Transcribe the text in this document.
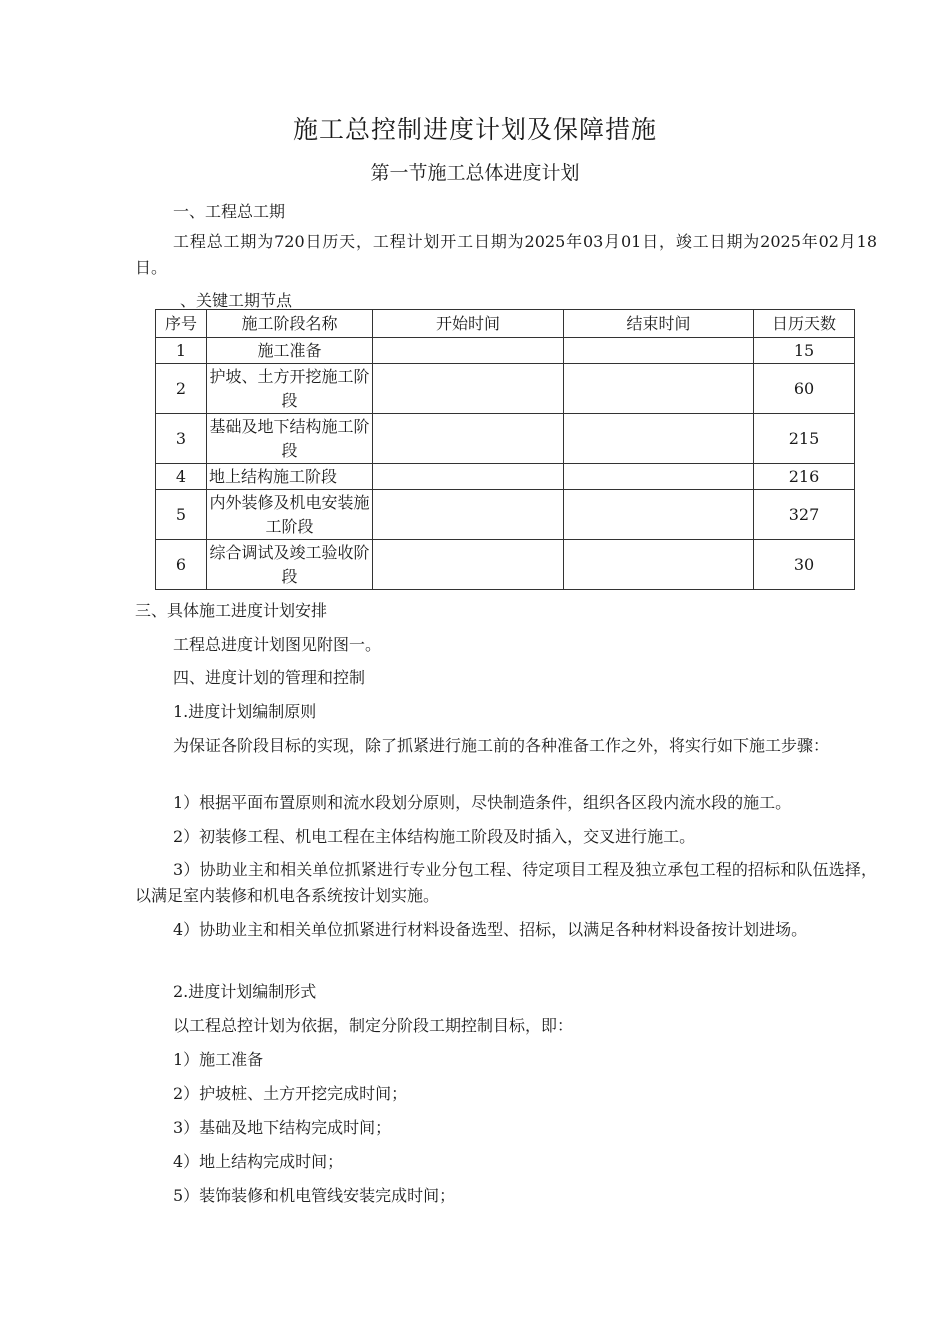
施工总控制进度计划及保障措施
第一节施工总体进度计划
一、工程总工期
工程总工期为720日历天，工程计划开工日期为2025年03月01日，竣工日期为2025年02月18日。
、关键工期节点
序号	施工阶段名称	开始时间	结束时间	日历天数
1	施工准备			15
2	护坡、土方开挖施工阶段			60
3	基础及地下结构施工阶段			215
4	地上结构施工阶段			216
5	内外装修及机电安装施工阶段			327
6	综合调试及竣工验收阶段			30
三、具体施工进度计划安排
工程总进度计划图见附图一。
四、进度计划的管理和控制
1.进度计划编制原则
为保证各阶段目标的实现，除了抓紧进行施工前的各种准备工作之外，将实行如下施工步骤：
1）根据平面布置原则和流水段划分原则，尽快制造条件，组织各区段内流水段的施工。
2）初装修工程、机电工程在主体结构施工阶段及时插入，交叉进行施工。
3）协助业主和相关单位抓紧进行专业分包工程、待定项目工程及独立承包工程的招标和队伍选择，以满足室内装修和机电各系统按计划实施。
4）协助业主和相关单位抓紧进行材料设备选型、招标，以满足各种材料设备按计划进场。
2.进度计划编制形式
以工程总控计划为依据，制定分阶段工期控制目标，即：
1）施工准备
2）护坡桩、土方开挖完成时间；
3）基础及地下结构完成时间；
4）地上结构完成时间；
5）装饰装修和机电管线安装完成时间；
